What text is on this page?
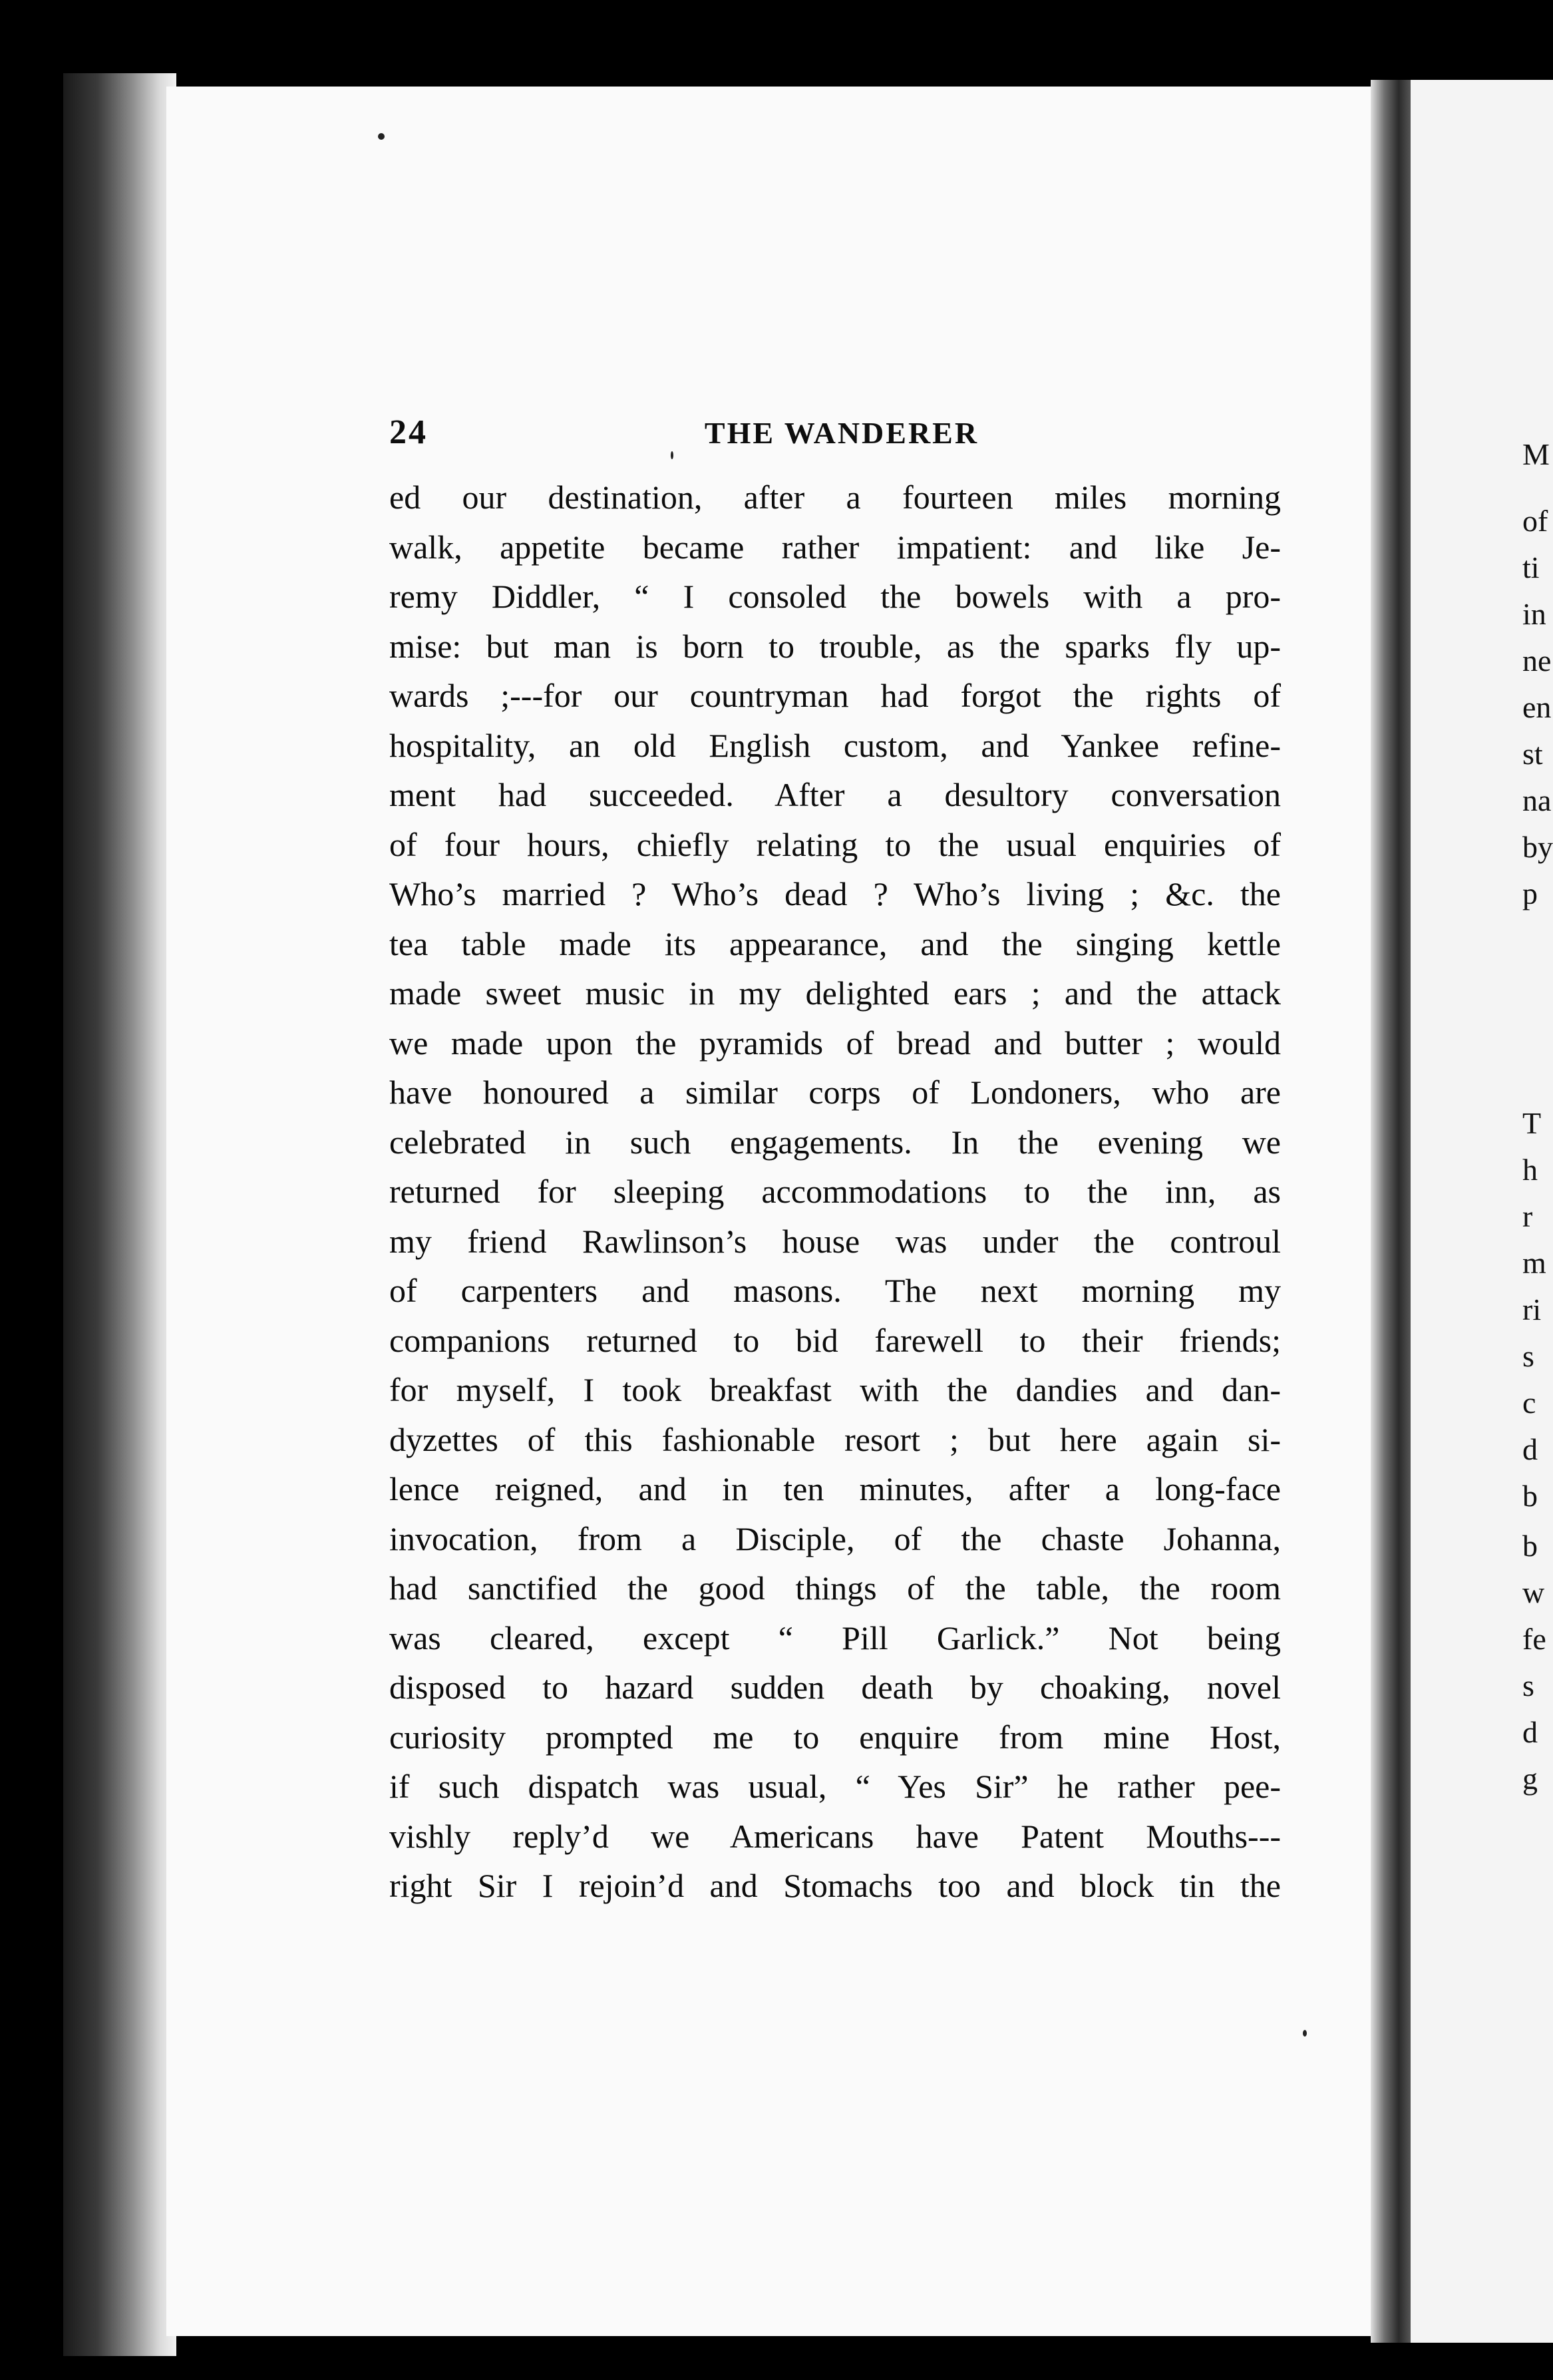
M
of
ti
in
ne
en
st
na
by
p
T
h
r
m
ri
s
c
d
b
b
w
fe
s
d
g
24	THE WANDERER
ed our destination, after a fourteen miles morning
walk, appetite became rather impatient: and like Je-
remy Diddler, “ I consoled the bowels with a pro-
mise: but man is born to trouble, as the sparks fly up-
wards ;---for our countryman had forgot the rights of
hospitality, an old English custom, and Yankee refine-
ment had succeeded. After a desultory conversation
of four hours, chiefly relating to the usual enquiries of
Who’s married ? Who’s dead ? Who’s living ; &c. the
tea table made its appearance, and the singing kettle
made sweet music in my delighted ears ; and the attack
we made upon the pyramids of bread and butter ; would
have honoured a similar corps of Londoners, who are
celebrated in such engagements. In the evening we
returned for sleeping accommodations to the inn, as
my friend Rawlinson’s house was under the controul
of carpenters and masons. The next morning my
companions returned to bid farewell to their friends;
for myself, I took breakfast with the dandies and dan-
dyzettes of this fashionable resort ; but here again si-
lence reigned, and in ten minutes, after a long-face
invocation, from a Disciple, of the chaste Johanna,
had sanctified the good things of the table, the room
was cleared, except “ Pill Garlick.” Not being
disposed to hazard sudden death by choaking, novel
curiosity prompted me to enquire from mine Host,
if such dispatch was usual, “ Yes Sir” he rather pee-
vishly reply’d we Americans have Patent Mouths---
right Sir I rejoin’d and Stomachs too and block tin the
